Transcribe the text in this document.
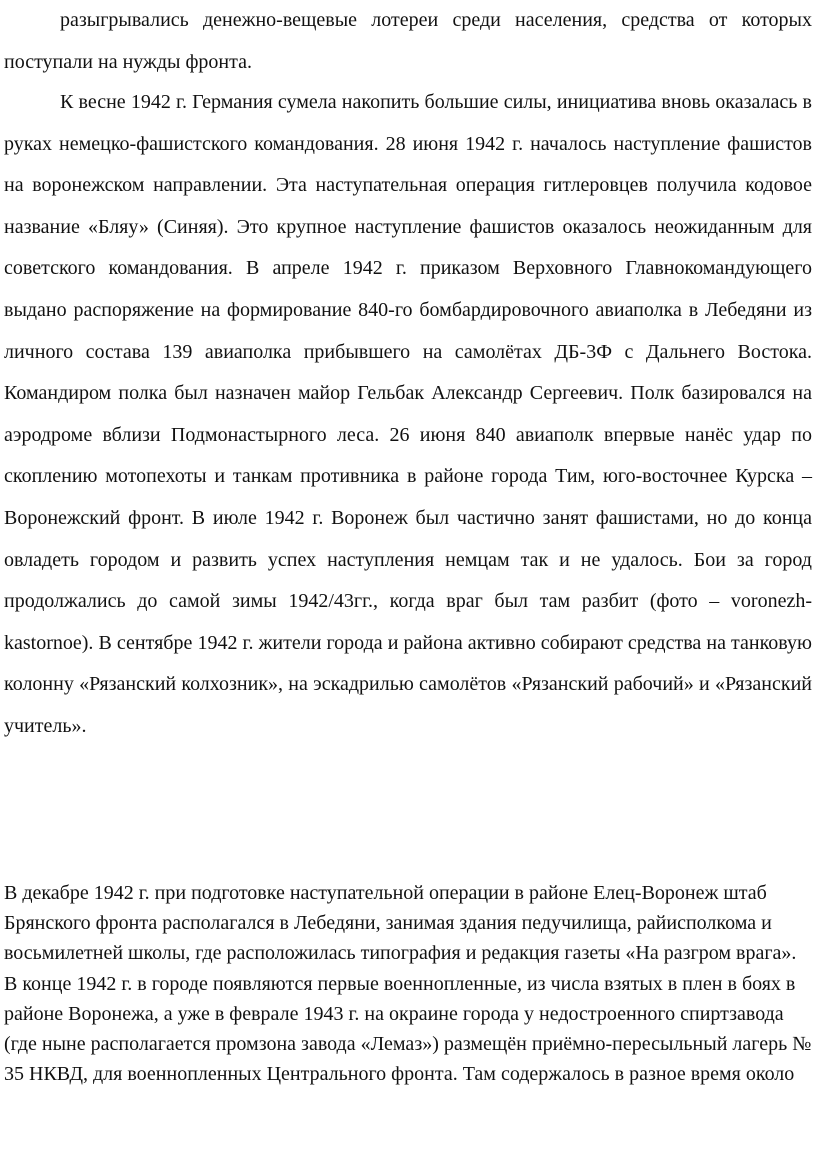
разыгрывались денежно-вещевые лотереи среди населения, средства от которых поступали на нужды фронта.

К весне 1942 г. Германия сумела накопить большие силы, инициатива вновь оказалась в руках немецко-фашистского командования. 28 июня 1942 г. началось наступление фашистов на воронежском направлении. Эта наступательная операция гитлеровцев получила кодовое название «Бляу» (Синяя). Это крупное наступление фашистов оказалось неожиданным для советского командования. В апреле 1942 г. приказом Верховного Главнокомандующего выдано распоряжение на формирование 840-го бомбардировочного авиаполка в Лебедяни из личного состава 139 авиаполка прибывшего на самолётах ДБ-3Ф с Дальнего Востока. Командиром полка был назначен майор Гельбак Александр Сергеевич. Полк базировался на аэродроме вблизи Подмонастырного леса. 26 июня 840 авиаполк впервые нанёс удар по скоплению мотопехоты и танкам противника в районе города Тим, юго-восточнее Курска – Воронежский фронт. В июле 1942 г. Воронеж был частично занят фашистами, но до конца овладеть городом и развить успех наступления немцам так и не удалось. Бои за город продолжались до самой зимы 1942/43гг., когда враг был там разбит (фото – voronezh-kastornoe). В сентябре 1942 г. жители города и района активно собирают средства на танковую колонну «Рязанский колхозник», на эскадрилью самолётов «Рязанский рабочий» и «Рязанский учитель».

В декабре 1942 г. при подготовке наступательной операции в районе Елец-Воронеж штаб Брянского фронта располагался в Лебедяни, занимая здания педучилища, райисполкома и восьмилетней школы, где расположилась типография и редакция газеты «На разгром врага». В конце 1942 г. в городе появляются первые военнопленные, из числа взятых в плен в боях в районе Воронежа, а уже в феврале 1943 г. на окраине города у недостроенного спиртзавода (где ныне располагается промзона завода «Лемаз») размещён приёмно-пересыльный лагерь № 35 НКВД, для военнопленных Центрального фронта. Там содержалось в разное время около
